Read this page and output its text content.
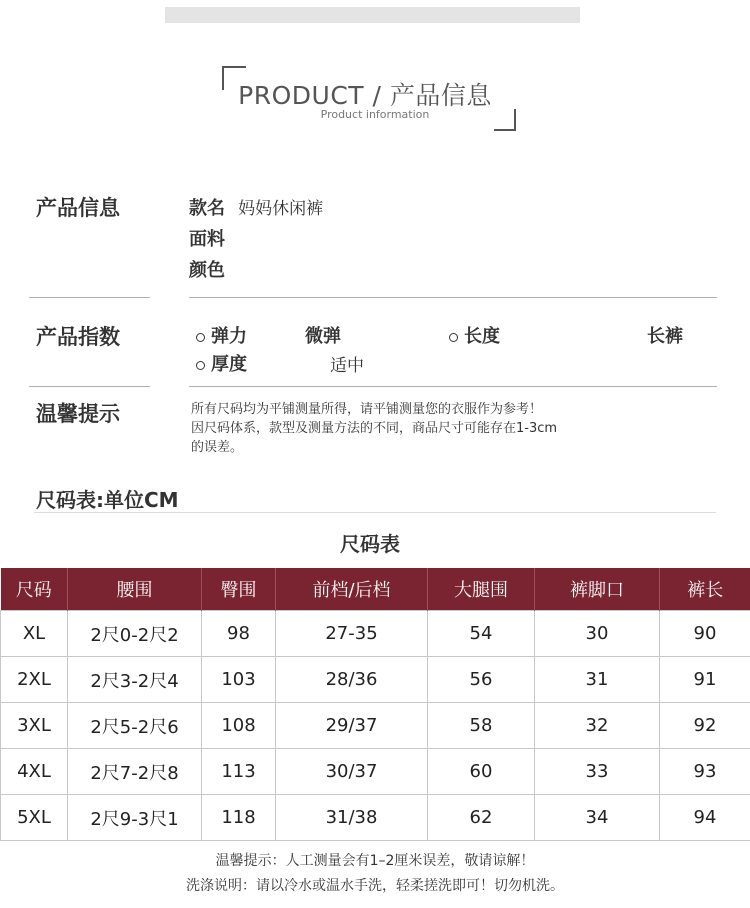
PRODUCT / 产品信息
Product information
产品信息	款名 妈妈休闲裤
面料
颜色
产品指数	弹力	微弹	长度	长裤
厚度	适中
温馨提示	所有尺码均为平铺测量所得，请平铺测量您的衣服作为参考！
因尺码体系，款型及测量方法的不同，商品尺寸可能存在1-3cm
的误差。
尺码表:单位CM
尺码表
尺码	腰围	臀围	前档/后档	大腿围	裤脚口	裤长
XL	2尺0-2尺2	98	27-35	54	30	90
2XL	2尺3-2尺4	103	28/36	56	31	91
3XL	2尺5-2尺6	108	29/37	58	32	92
4XL	2尺7-2尺8	113	30/37	60	33	93
5XL	2尺9-3尺1	118	31/38	62	34	94
温馨提示：人工测量会有1–2厘米误差，敬请谅解！
洗涤说明：请以冷水或温水手洗，轻柔搓洗即可！切勿机洗。
